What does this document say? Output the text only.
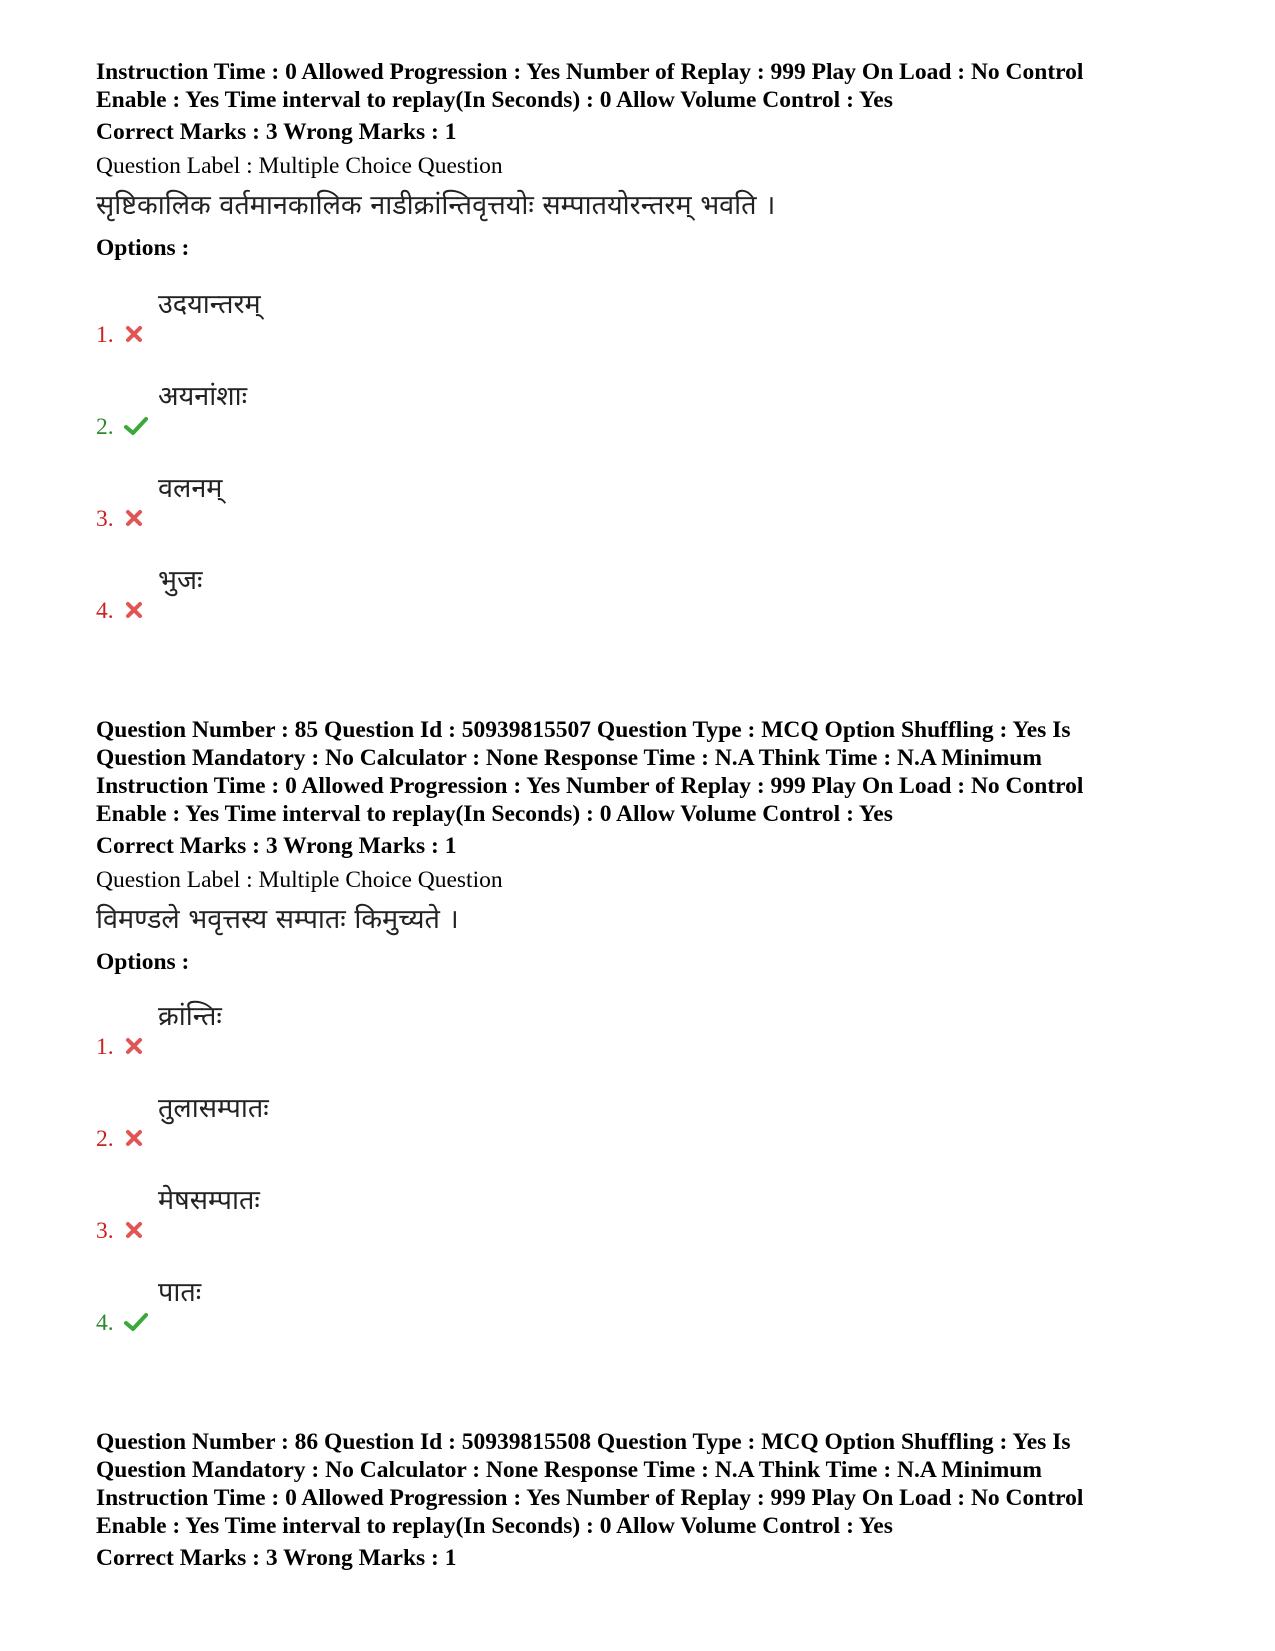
Instruction Time : 0 Allowed Progression : Yes Number of Replay : 999 Play On Load : No Control

Enable : Yes Time interval to replay(In Seconds) : 0 Allow Volume Control : Yes

Correct Marks : 3 Wrong Marks : 1

Question Label : Multiple Choice Question

सृष्टिकालिक वर्तमानकालिक नाडीक्रांन्तिवृत्तयोः सम्पातयोरन्तरम् भवति ।

Options :

1.
उदयान्तरम्
2.
अयनांशाः
3.
वलनम्
4.
भुजः

Question Number : 85 Question Id : 50939815507 Question Type : MCQ Option Shuffling : Yes Is

Question Mandatory : No Calculator : None Response Time : N.A Think Time : N.A Minimum

Instruction Time : 0 Allowed Progression : Yes Number of Replay : 999 Play On Load : No Control

Enable : Yes Time interval to replay(In Seconds) : 0 Allow Volume Control : Yes

Correct Marks : 3 Wrong Marks : 1

Question Label : Multiple Choice Question

विमण्डले भवृत्तस्य सम्पातः किमुच्यते ।

Options :

1.
क्रांन्तिः
2.
तुलासम्पातः
3.
मेषसम्पातः
4.
पातः

Question Number : 86 Question Id : 50939815508 Question Type : MCQ Option Shuffling : Yes Is

Question Mandatory : No Calculator : None Response Time : N.A Think Time : N.A Minimum

Instruction Time : 0 Allowed Progression : Yes Number of Replay : 999 Play On Load : No Control

Enable : Yes Time interval to replay(In Seconds) : 0 Allow Volume Control : Yes

Correct Marks : 3 Wrong Marks : 1
